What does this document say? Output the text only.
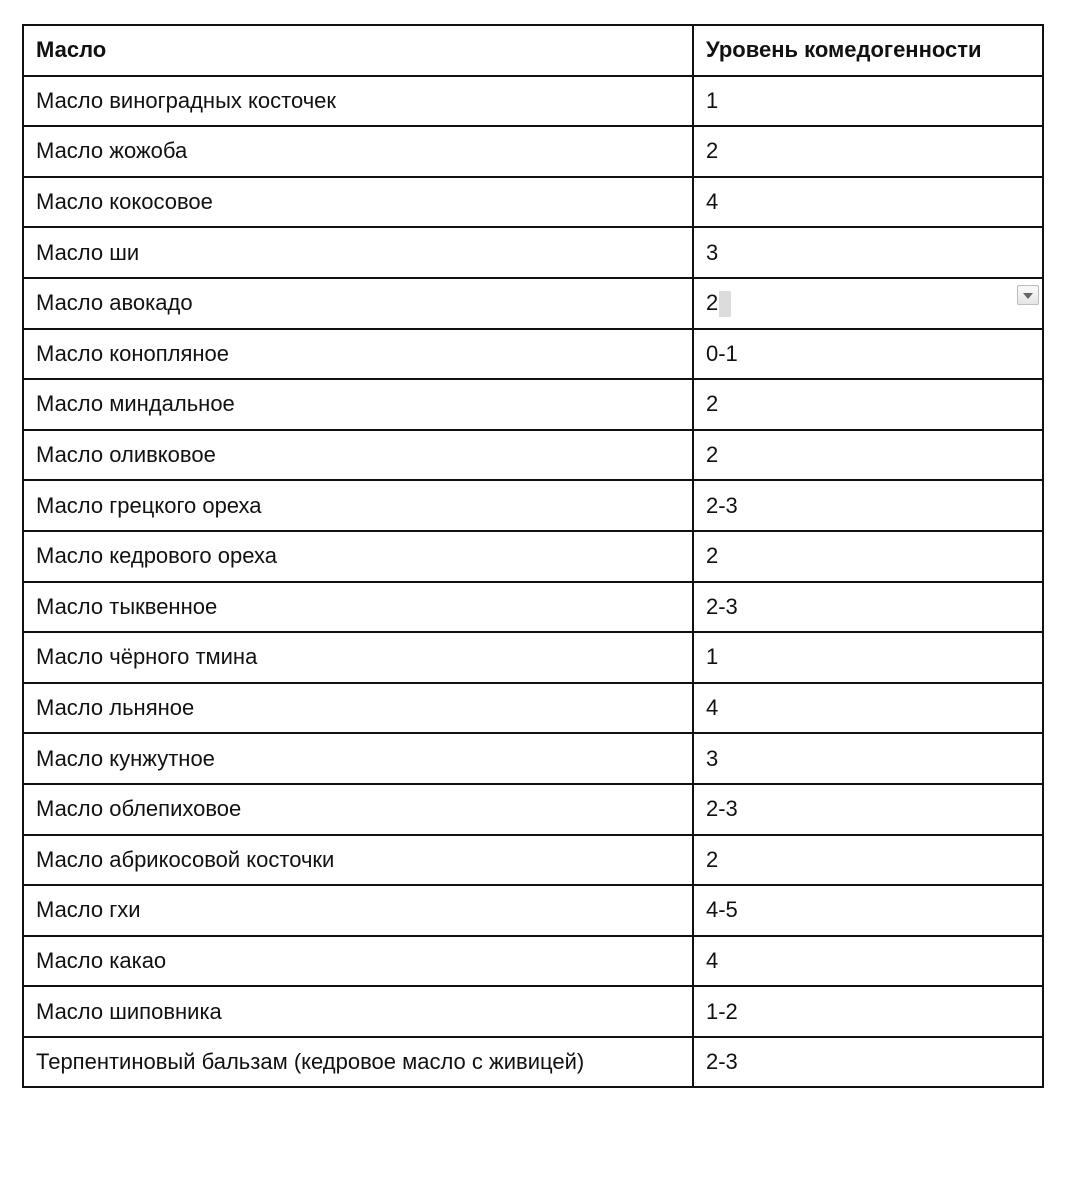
Масло	Уровень комедогенности
Масло виноградных косточек	1
Масло жожоба	2
Масло кокосовое	4
Масло ши	3
Масло авокадо	2

Масло конопляное	0-1
Масло миндальное	2
Масло оливковое	2
Масло грецкого ореха	2-3
Масло кедрового ореха	2
Масло тыквенное	2-3
Масло чёрного тмина	1
Масло льняное	4
Масло кунжутное	3
Масло облепиховое	2-3
Масло абрикосовой косточки	2
Масло гхи	4-5
Масло какао	4
Масло шиповника	1-2
Терпентиновый бальзам (кедровое масло с живицей)	2-3
